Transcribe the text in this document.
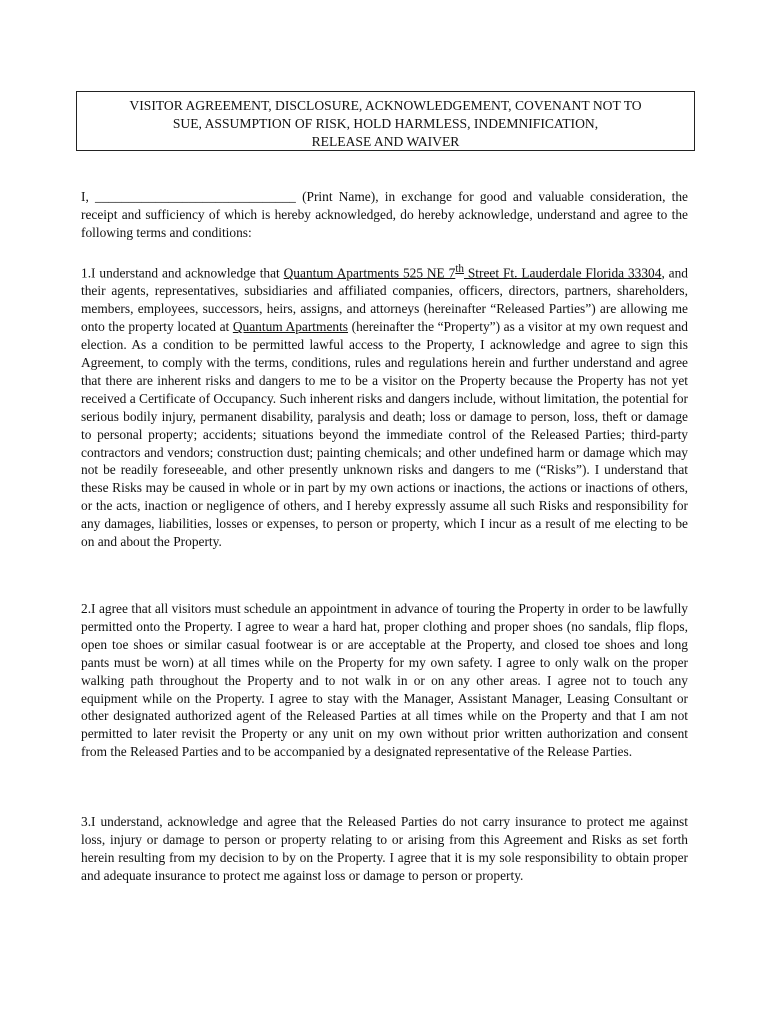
VISITOR AGREEMENT, DISCLOSURE, ACKNOWLEDGEMENT, COVENANT NOT TO
SUE, ASSUMPTION OF RISK, HOLD HARMLESS, INDEMNIFICATION,
RELEASE AND WAIVER

I, ______________________________ (Print Name), in exchange for good and valuable consideration, the receipt and sufficiency of which is hereby acknowledged, do hereby acknowledge, understand and agree to the following terms and conditions:

1.I understand and acknowledge that Quantum Apartments 525 NE 7th Street Ft. Lauderdale Florida 33304, and their agents, representatives, subsidiaries and affiliated companies, officers, directors, partners, shareholders, members, employees, successors, heirs, assigns, and attorneys (hereinafter “Released Parties”) are allowing me onto the property located at Quantum Apartments (hereinafter the “Property”) as a visitor at my own request and election. As a condition to be permitted lawful access to the Property, I acknowledge and agree to sign this Agreement, to comply with the terms, conditions, rules and regulations herein and further understand and agree that there are inherent risks and dangers to me to be a visitor on the Property because the Property has not yet received a Certificate of Occupancy. Such inherent risks and dangers include, without limitation, the potential for serious bodily injury, permanent disability, paralysis and death; loss or damage to person, loss, theft or damage to personal property; accidents; situations beyond the immediate control of the Released Parties; third-party contractors and vendors; construction dust; painting chemicals; and other undefined harm or damage which may not be readily foreseeable, and other presently unknown risks and dangers to me (“Risks”). I understand that these Risks may be caused in whole or in part by my own actions or inactions, the actions or inactions of others, or the acts, inaction or negligence of others, and I hereby expressly assume all such Risks and responsibility for any damages, liabilities, losses or expenses, to person or property, which I incur as a result of me electing to be on and about the Property.

2.I agree that all visitors must schedule an appointment in advance of touring the Property in order to be lawfully permitted onto the Property. I agree to wear a hard hat, proper clothing and proper shoes (no sandals, flip flops, open toe shoes or similar casual footwear is or are acceptable at the Property, and closed toe shoes and long pants must be worn) at all times while on the Property for my own safety. I agree to only walk on the proper walking path throughout the Property and to not walk in or on any other areas. I agree not to touch any equipment while on the Property. I agree to stay with the Manager, Assistant Manager, Leasing Consultant or other designated authorized agent of the Released Parties at all times while on the Property and that I am not permitted to later revisit the Property or any unit on my own without prior written authorization and consent from the Released Parties and to be accompanied by a designated representative of the Release Parties.

3.I understand, acknowledge and agree that the Released Parties do not carry insurance to protect me against loss, injury or damage to person or property relating to or arising from this Agreement and Risks as set forth herein resulting from my decision to by on the Property. I agree that it is my sole responsibility to obtain proper and adequate insurance to protect me against loss or damage to person or property.
